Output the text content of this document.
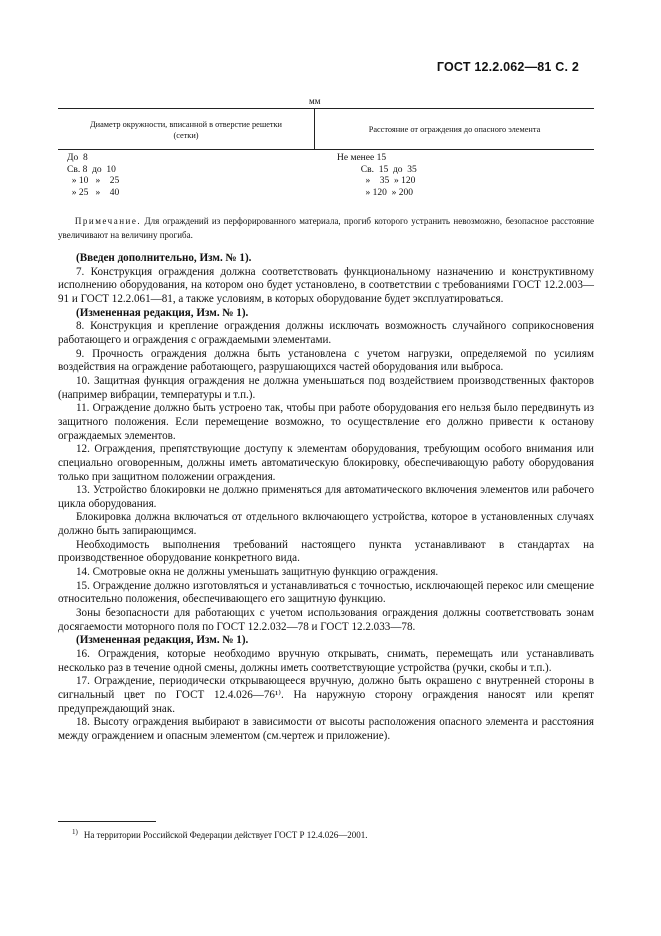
ГОСТ 12.2.062—81 С. 2
мм
Диаметр окружности, вписанной в отверстие решетки
(сетки)
Расстояние от ограждения до опасного элемента
До  8
Св. 8  до  10
» 10   »    25
» 25   »    40
Не менее 15
Св.  15  до  35
»    35  » 120
» 120  » 200
Примечание. Для ограждений из перфорированного материала, прогиб которого устранить невозможно, безопасное расстояние увеличивают на величину прогиба.

(Введен дополнительно, Изм. № 1).

7. Конструкция ограждения должна соответствовать функциональному назначению и конструктивному исполнению оборудования, на котором оно будет установлено, в соответствии с требованиями ГОСТ 12.2.003—91 и ГОСТ 12.2.061—81, а также условиям, в которых оборудование будет эксплуатироваться.

(Измененная редакция, Изм. № 1).

8. Конструкция и крепление ограждения должны исключать возможность случайного соприкосновения работающего и ограждения с ограждаемыми элементами.

9. Прочность ограждения должна быть установлена с учетом нагрузки, определяемой по усилиям воздействия на ограждение работающего, разрушающихся частей оборудования или выброса.

10. Защитная функция ограждения не должна уменьшаться под воздействием производственных факторов (например вибрации, температуры и т.п.).

11. Ограждение должно быть устроено так, чтобы при работе оборудования его нельзя было передвинуть из защитного положения. Если перемещение возможно, то осуществление его должно привести к останову ограждаемых элементов.

12. Ограждения, препятствующие доступу к элементам оборудования, требующим особого внимания или специально оговоренным, должны иметь автоматическую блокировку, обеспечивающую работу оборудования только при защитном положении ограждения.

13. Устройство блокировки не должно применяться для автоматического включения элементов или рабочего цикла оборудования.

Блокировка должна включаться от отдельного включающего устройства, которое в установленных случаях должно быть запирающимся.

Необходимость выполнения требований настоящего пункта устанавливают в стандартах на производственное оборудование конкретного вида.

14. Смотровые окна не должны уменьшать защитную функцию ограждения.

15. Ограждение должно изготовляться и устанавливаться с точностью, исключающей перекос или смещение относительно положения, обеспечивающего его защитную функцию.

Зоны безопасности для работающих с учетом использования ограждения должны соответствовать зонам досягаемости моторного поля по ГОСТ 12.2.032—78 и ГОСТ 12.2.033—78.

(Измененная редакция, Изм. № 1).

16. Ограждения, которые необходимо вручную открывать, снимать, перемещать или устанавливать несколько раз в течение одной смены, должны иметь соответствующие устройства (ручки, скобы и т.п.).

17. Ограждение, периодически открывающееся вручную, должно быть окрашено с внутренней стороны в сигнальный цвет по ГОСТ 12.4.026—76¹⁾. На наружную сторону ограждения наносят или крепят предупреждающий знак.

18. Высоту ограждения выбирают в зависимости от высоты расположения опасного элемента и расстояния между ограждением и опасным элементом (см.чертеж и приложение).

$^{1)}$ На территории Российской Федерации действует ГОСТ Р 12.4.026—2001.
